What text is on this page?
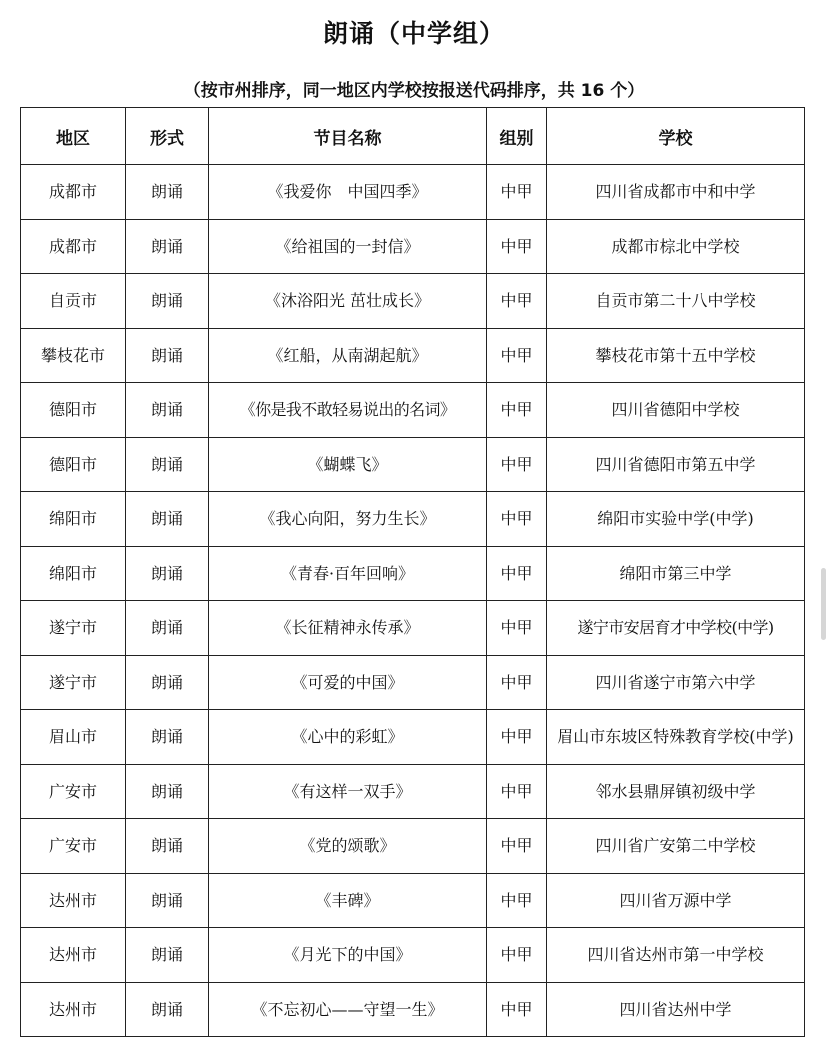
朗诵（中学组）
（按市州排序，同一地区内学校按报送代码排序，共 16 个）
地区	形式	节目名称	组别	学校
成都市	朗诵	《我爱你　中国四季》	中甲	四川省成都市中和中学
成都市	朗诵	《给祖国的一封信》	中甲	成都市棕北中学校
自贡市	朗诵	《沐浴阳光 茁壮成长》	中甲	自贡市第二十八中学校
攀枝花市	朗诵	《红船，从南湖起航》	中甲	攀枝花市第十五中学校
德阳市	朗诵	《你是我不敢轻易说出的名词》	中甲	四川省德阳中学校
德阳市	朗诵	《蝴蝶飞》	中甲	四川省德阳市第五中学
绵阳市	朗诵	《我心向阳，努力生长》	中甲	绵阳市实验中学(中学)
绵阳市	朗诵	《青春·百年回响》	中甲	绵阳市第三中学
遂宁市	朗诵	《长征精神永传承》	中甲	遂宁市安居育才中学校(中学)
遂宁市	朗诵	《可爱的中国》	中甲	四川省遂宁市第六中学
眉山市	朗诵	《心中的彩虹》	中甲	眉山市东坡区特殊教育学校(中学)
广安市	朗诵	《有这样一双手》	中甲	邻水县鼎屏镇初级中学
广安市	朗诵	《党的颂歌》	中甲	四川省广安第二中学校
达州市	朗诵	《丰碑》	中甲	四川省万源中学
达州市	朗诵	《月光下的中国》	中甲	四川省达州市第一中学校
达州市	朗诵	《不忘初心——守望一生》	中甲	四川省达州中学
